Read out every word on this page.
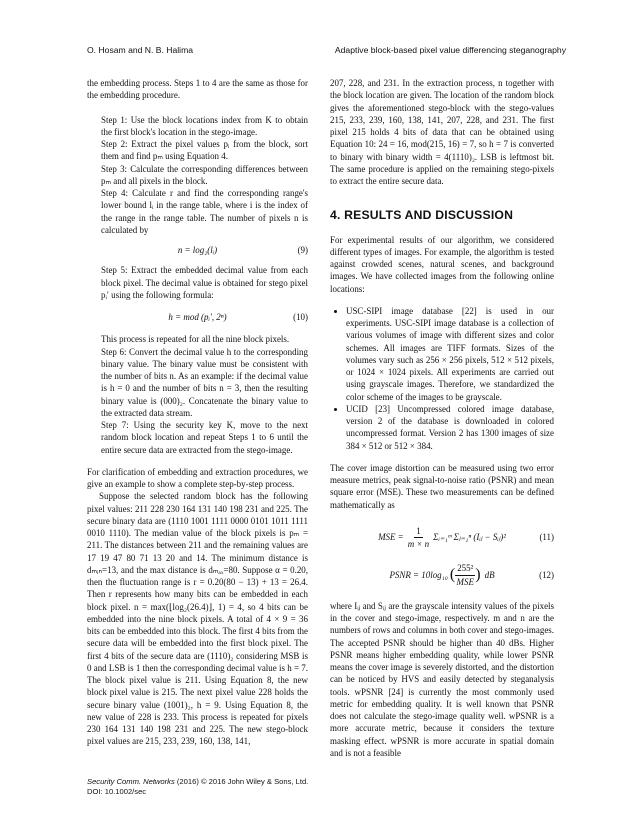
O. Hosam and N. B. Halima	Adaptive block-based pixel value differencing steganography

the embedding process. Steps 1 to 4 are the same as those for the embedding procedure.

Step 1: Use the block locations index from K to obtain the first block's location in the stego-image.

Step 2: Extract the pixel values pᵢ from the block, sort them and find pₘ using Equation 4.

Step 3: Calculate the corresponding differences between pₘ and all pixels in the block.

Step 4: Calculate r and find the corresponding range's lower bound lᵢ in the range table, where i is the index of the range in the range table. The number of pixels n is calculated by

n = log₂(lᵢ)	(9)

Step 5: Extract the embedded decimal value from each block pixel. The decimal value is obtained for stego pixel pᵢ′ using the following formula:

h = mod (pᵢ′, 2ⁿ)	(10)

This process is repeated for all the nine block pixels.

Step 6: Convert the decimal value h to the corresponding binary value. The binary value must be consistent with the number of bits n. As an example: if the decimal value is h = 0 and the number of bits n = 3, then the resulting binary value is (000)₂. Concatenate the binary value to the extracted data stream.

Step 7: Using the security key K, move to the next random block location and repeat Steps 1 to 6 until the entire secure data are extracted from the stego-image.

For clarification of embedding and extraction procedures, we give an example to show a complete step-by-step process.

Suppose the selected random block has the following pixel values: 211 228 230 164 131 140 198 231 and 225. The secure binary data are (1110 1001 1111 0000 0101 1011 1111 0010 1110). The median value of the block pixels is pₘ = 211. The distances between 211 and the remaining values are 17 19 47 80 71 13 20 and 14. The minimum distance is dₘᵢₙ=13, and the max distance is dₘₐₓ=80. Suppose α = 0.20, then the fluctuation range is r = 0.20(80 − 13) + 13 = 26.4. Then r represents how many bits can be embedded in each block pixel. n = max(⌊log₂(26.4)⌋, 1) = 4, so 4 bits can be embedded into the nine block pixels. A total of 4 × 9 = 36 bits can be embedded into this block. The first 4 bits from the secure data will be embedded into the first block pixel. The first 4 bits of the secure data are (1110)₂ considering MSB is 0 and LSB is 1 then the corresponding decimal value is h = 7. The block pixel value is 211. Using Equation 8, the new block pixel value is 215. The next pixel value 228 holds the secure binary value (1001)₂, h = 9. Using Equation 8, the new value of 228 is 233. This process is repeated for pixels 230 164 131 140 198 231 and 225. The new stego-block pixel values are 215, 233, 239, 160, 138, 141,

207, 228, and 231. In the extraction process, n together with the block location are given. The location of the random block gives the aforementioned stego-block with the stego-values 215, 233, 239, 160, 138, 141, 207, 228, and 231. The first pixel 215 holds 4 bits of data that can be obtained using Equation 10: 24 = 16, mod(215, 16) = 7, so h = 7 is converted to binary with binary width = 4(1110)₂. LSB is leftmost bit. The same procedure is applied on the remaining stego-pixels to extract the entire secure data.

4. RESULTS AND DISCUSSION

For experimental results of our algorithm, we considered different types of images. For example, the algorithm is tested against crowded scenes, natural scenes, and background images. We have collected images from the following online locations:

• USC-SIPI image database [22] is used in our experiments. USC-SIPI image database is a collection of various volumes of image with different sizes and color schemes. All images are TIFF formats. Sizes of the volumes vary such as 256 × 256 pixels, 512 × 512 pixels, or 1024 × 1024 pixels. All experiments are carried out using grayscale images. Therefore, we standardized the color scheme of the images to be grayscale.
• UCID [23] Uncompressed colored image database, version 2 of the database is downloaded in colored uncompressed format. Version 2 has 1300 images of size 384 × 512 or 512 × 384.

The cover image distortion can be measured using two error measure metrics, peak signal-to-noise ratio (PSNR) and mean square error (MSE). These two measurements can be defined mathematically as

MSE = $\frac{1}{m \times n}$ Σᵢ₌₁ᵐ Σⱼ₌₁ⁿ (Iᵢⱼ − Sᵢⱼ)²	(11)
PSNR = 10log₁₀ ( $\frac{\text{255²}}{\text{MSE}}$ ) dB	(12)

where Iᵢⱼ and Sᵢⱼ are the grayscale intensity values of the pixels in the cover and stego-image, respectively. m and n are the numbers of rows and columns in both cover and stego-images. The accepted PSNR should be higher than 40 dBs. Higher PSNR means higher embedding quality, while lower PSNR means the cover image is severely distorted, and the distortion can be noticed by HVS and easily detected by steganalysis tools. wPSNR [24] is currently the most commonly used metric for embedding quality. It is well known that PSNR does not calculate the stego-image quality well. wPSNR is a more accurate metric, because it considers the texture masking effect. wPSNR is more accurate in spatial domain and is not a feasible

Security Comm. Networks (2016) © 2016 John Wiley & Sons, Ltd.
DOI: 10.1002/sec
